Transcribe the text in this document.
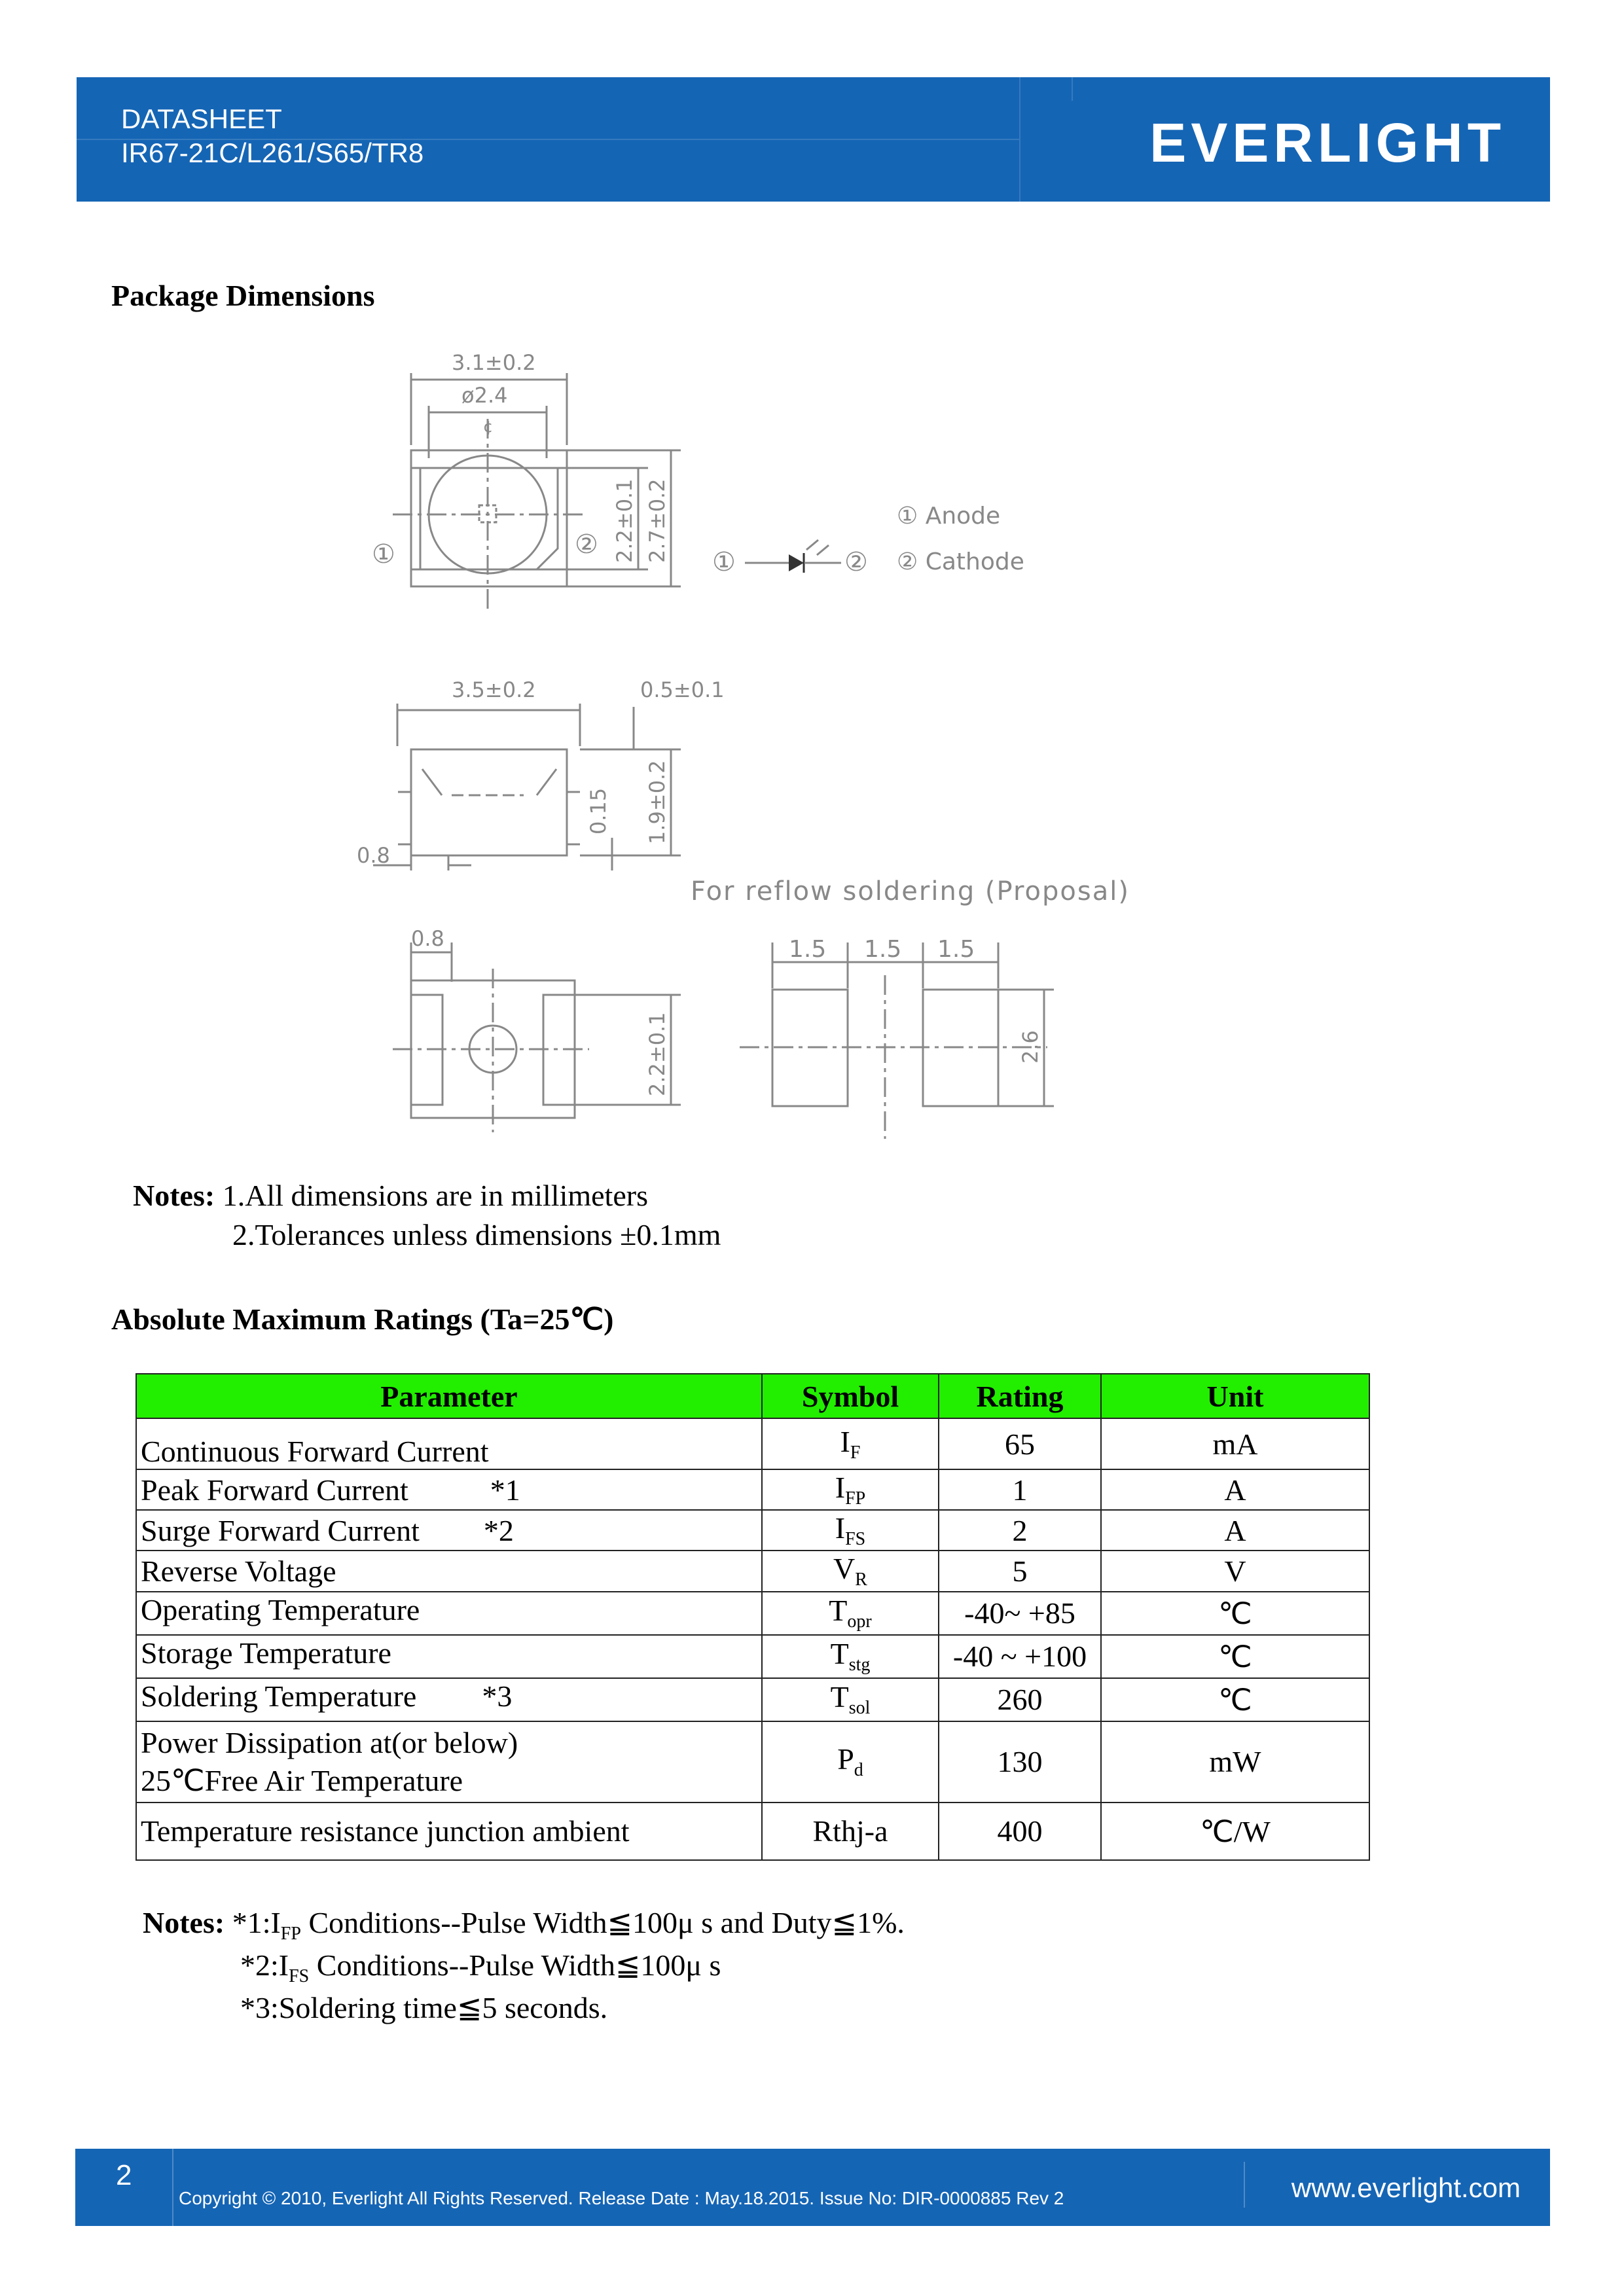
DATASHEET
IR67-21C/L261/S65/TR8	EVERLIGHT
Package Dimensions
3.1±0.2
ø2.4
¢
①	② 2.2±0.1 2.7±0.2 ①	②
① Anode
② Cathode
3.5±0.2	0.5±0.1
0.15 1.9±0.2
0.8
0.8
2.2±0.1
For reflow soldering (Proposal)
1.5 1.5 1.5
2.6
Notes: 1.All dimensions are in millimeters
2.Tolerances unless dimensions ±0.1mm
Absolute Maximum Ratings (Ta=25℃)
Parameter	Symbol	Rating	Unit
Continuous Forward Current	$I_F$	65	mA
Peak Forward Current *1	$I_{FP}$	1	A
Surge Forward Current *2	$I_{FS}$	2	A
Reverse Voltage	$V_R$	5	V
Operating Temperature	$T_{opr}$	-40~ +85	℃
Storage Temperature	$T_{stg}$	-40 ~ +100	℃
Soldering Temperature *3	$T_{sol}$	260	℃
Power Dissipation at(or below)
25℃Free Air Temperature	$P_d$	130	mW
Temperature resistance junction ambient	Rthj-a	400	℃/W
Notes: $*1:I_{FP}$ Conditions--Pulse Width≦100μ s and Duty≦1%.
$*2:I_{FS}$ Conditions--Pulse Width≦100μ s
*3:Soldering time≦5 seconds.
2
Copyright © 2010, Everlight All Rights Reserved. Release Date : May.18.2015. Issue No: DIR-0000885 Rev 2	www.everlight.com
